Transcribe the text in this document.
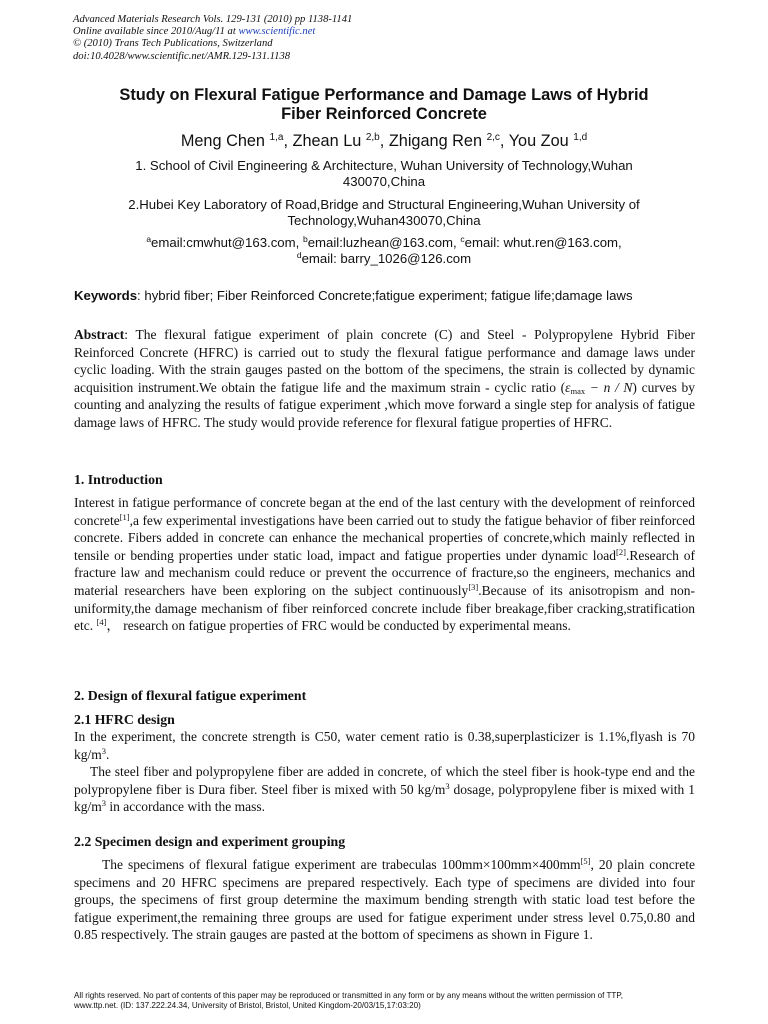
Advanced Materials Research Vols. 129-131 (2010) pp 1138-1141
Online available since 2010/Aug/11 at www.scientific.net
© (2010) Trans Tech Publications, Switzerland
doi:10.4028/www.scientific.net/AMR.129-131.1138
Study on Flexural Fatigue Performance and Damage Laws of Hybrid
Fiber Reinforced Concrete
Meng Chen $^{1,a}$, Zhean Lu $^{2,b}$, Zhigang Ren $^{2,c}$, You Zou $^{1,d}$
1. School of Civil Engineering & Architecture, Wuhan University of Technology,Wuhan
430070,China
2.Hubei Key Laboratory of Road,Bridge and Structural Engineering,Wuhan University of
Technology,Wuhan430070,China
$^a$email:cmwhut@163.com, $^b$email:luzhean@163.com, $^c$email: whut.ren@163.com,
$^d$email: barry_1026@126.com
Keywords: hybrid fiber; Fiber Reinforced Concrete;fatigue experiment; fatigue life;damage laws
Abstract: The flexural fatigue experiment of plain concrete (C) and Steel - Polypropylene Hybrid Fiber Reinforced Concrete (HFRC) is carried out to study the flexural fatigue performance and damage laws under cyclic loading. With the strain gauges pasted on the bottom of the specimens, the strain is collected by dynamic acquisition instrument.We obtain the fatigue life and the maximum strain - cyclic ratio $(\varepsilon_{max} - n / N)$ curves by counting and analyzing the results of fatigue experiment ,which move forward a single step for analysis of fatigue damage laws of HFRC. The study would provide reference for flexural fatigue properties of HFRC.
1. Introduction
Interest in fatigue performance of concrete began at the end of the last century with the development of reinforced concrete[1],a few experimental investigations have been carried out to study the fatigue behavior of fiber reinforced concrete. Fibers added in concrete can enhance the mechanical properties of concrete,which mainly reflected in tensile or bending properties under static load, impact and fatigue properties under dynamic load[2].Research of fracture law and mechanism could reduce or prevent the occurrence of fracture,so the engineers, mechanics and material researchers have been exploring on the subject continuously[3].Because of its anisotropism and non-uniformity,the damage mechanism of fiber reinforced concrete include fiber breakage,fiber cracking,stratification etc. [4]， research on fatigue properties of FRC would be conducted by experimental means.
2. Design of flexural fatigue experiment
2.1 HFRC design
In the experiment, the concrete strength is C50, water cement ratio is 0.38,superplasticizer is 1.1%,flyash is 70 $kg/m^3$.
The steel fiber and polypropylene fiber are added in concrete, of which the steel fiber is hook-type end and the polypropylene fiber is Dura fiber. Steel fiber is mixed with 50 $kg/m^3$ dosage, polypropylene fiber is mixed with 1 $kg/m^3$ in accordance with the mass.
2.2 Specimen design and experiment grouping
The specimens of flexural fatigue experiment are trabeculas 100mm×100mm×400mm[5], 20 plain concrete specimens and 20 HFRC specimens are prepared respectively. Each type of specimens are divided into four groups, the specimens of first group determine the maximum bending strength with static load test before the fatigue experiment,the remaining three groups are used for fatigue experiment under stress level 0.75,0.80 and 0.85 respectively. The strain gauges are pasted at the bottom of specimens as shown in Figure 1.
All rights reserved. No part of contents of this paper may be reproduced or transmitted in any form or by any means without the written permission of TTP,
www.ttp.net. (ID: 137.222.24.34, University of Bristol, Bristol, United Kingdom-20/03/15,17:03:20)
